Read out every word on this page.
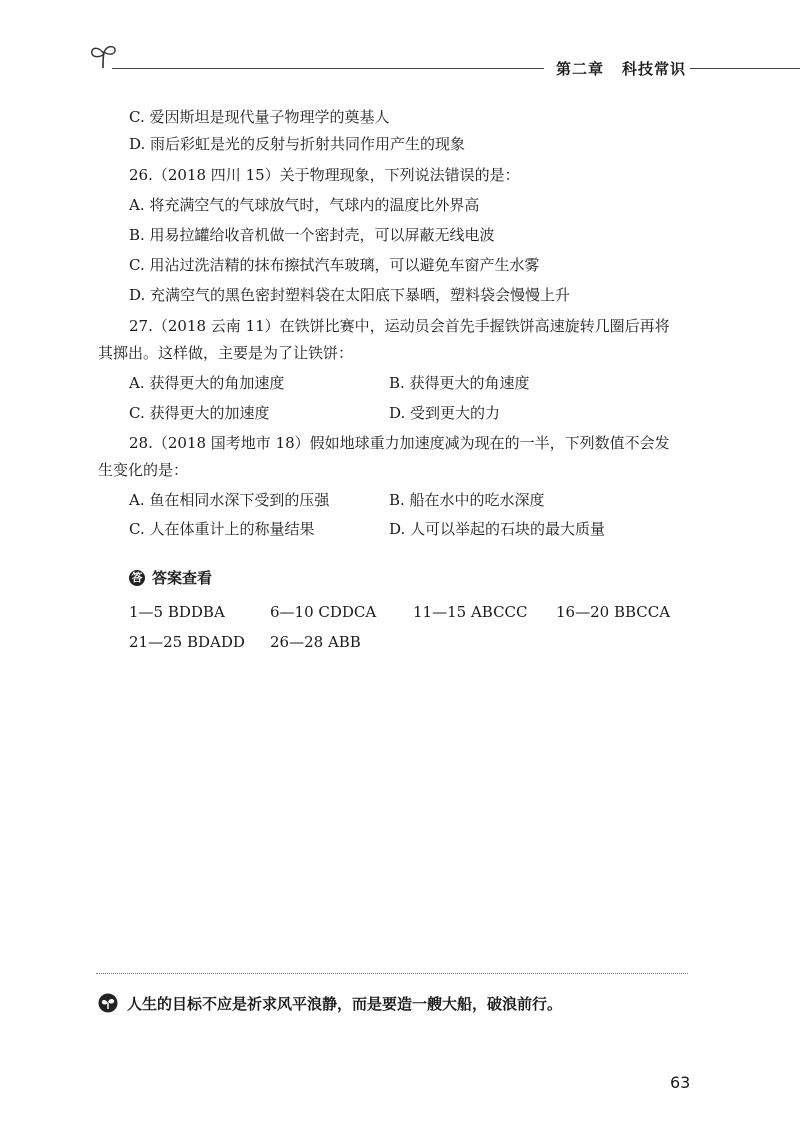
第二章 科技常识
C. 爱因斯坦是现代量子物理学的奠基人
D. 雨后彩虹是光的反射与折射共同作用产生的现象
26.（2018 四川 15）关于物理现象，下列说法错误的是：
A. 将充满空气的气球放气时，气球内的温度比外界高
B. 用易拉罐给收音机做一个密封壳，可以屏蔽无线电波
C. 用沾过洗洁精的抹布擦拭汽车玻璃，可以避免车窗产生水雾
D. 充满空气的黑色密封塑料袋在太阳底下暴晒，塑料袋会慢慢上升
27.（2018 云南 11）在铁饼比赛中，运动员会首先手握铁饼高速旋转几圈后再将
其掷出。这样做，主要是为了让铁饼：
A. 获得更大的角加速度	B. 获得更大的角速度
C. 获得更大的加速度	D. 受到更大的力
28.（2018 国考地市 18）假如地球重力加速度减为现在的一半，下列数值不会发
生变化的是：
A. 鱼在相同水深下受到的压强	B. 船在水中的吃水深度
C. 人在体重计上的称量结果	D. 人可以举起的石块的最大质量
答 答案查看
1—5 BDDBA	6—10 CDDCA 11—15 ABCCC 16—20 BBCCA
21—25 BDADD 26—28 ABB
人生的目标不应是祈求风平浪静，而是要造一艘大船，破浪前行。
63
